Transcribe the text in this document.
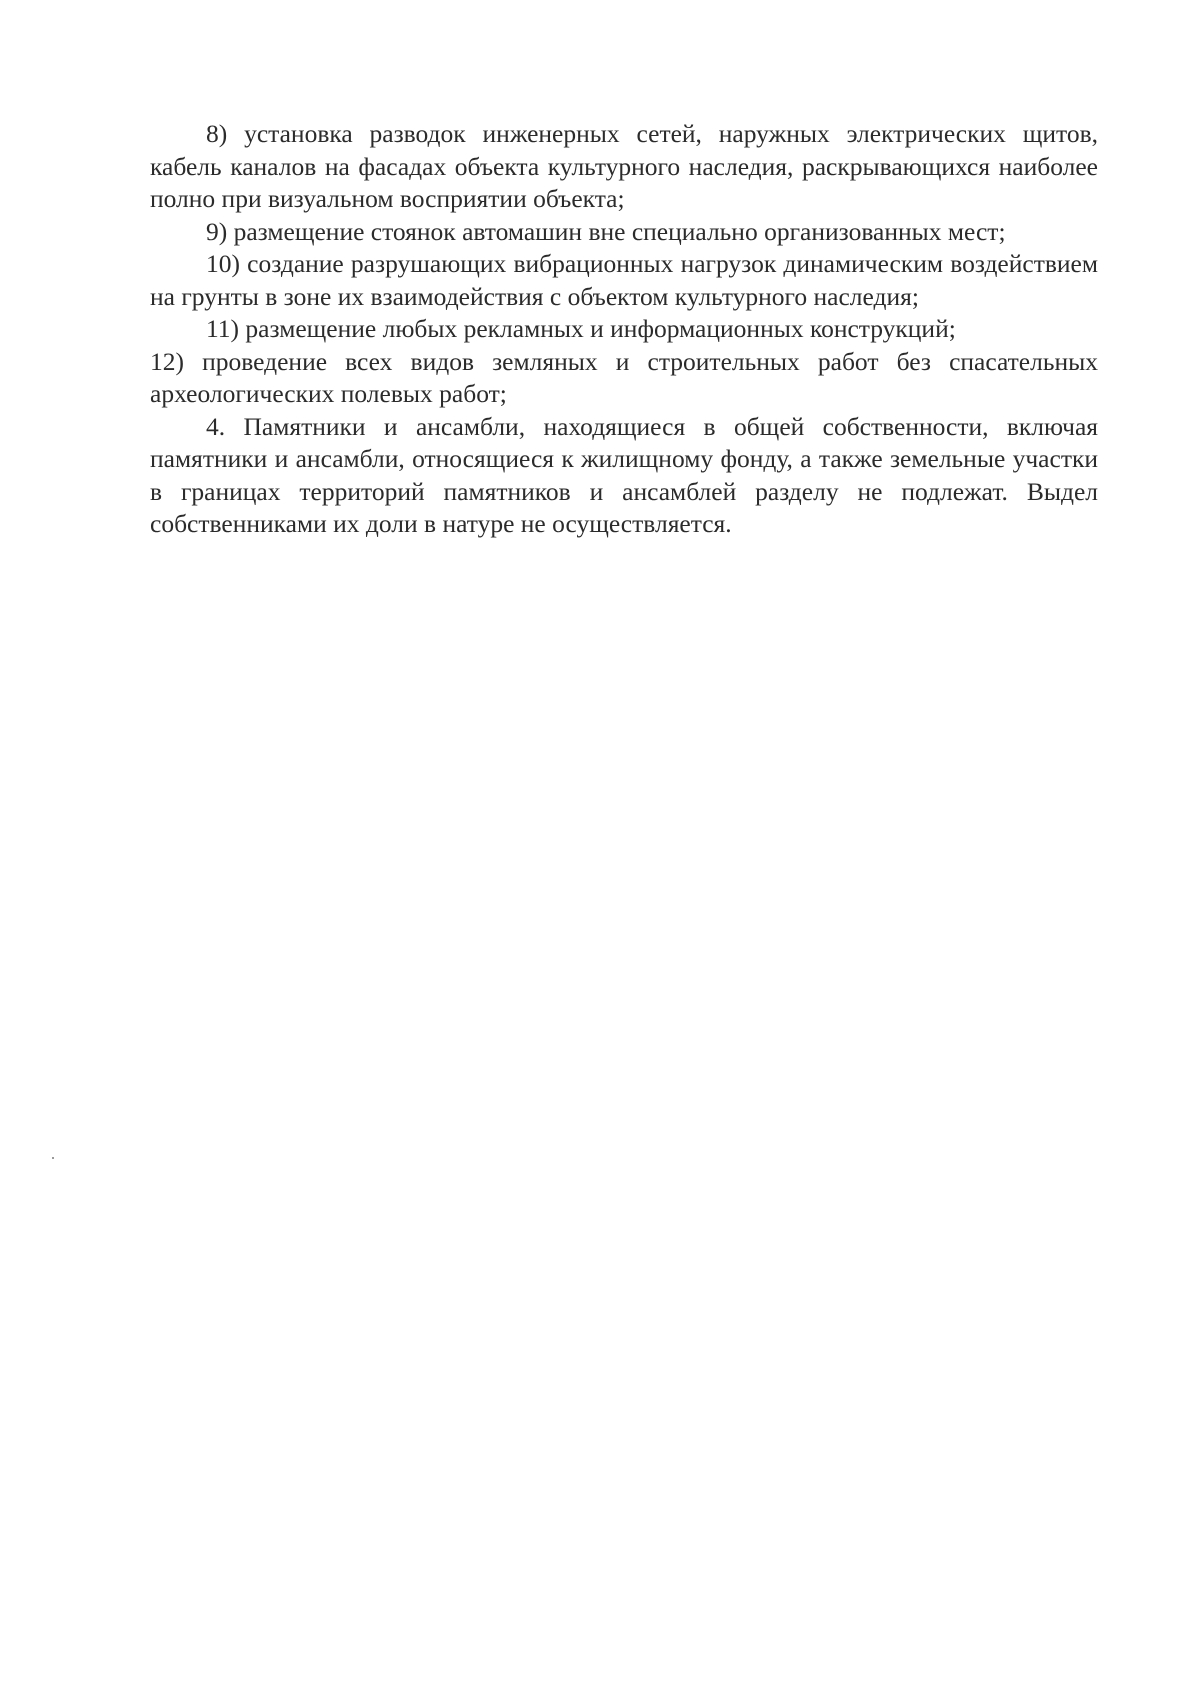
8) установка разводок инженерных сетей, наружных электрических щитов, кабель каналов на фасадах объекта культурного наследия, раскрывающихся наиболее полно при визуальном восприятии объекта;

9) размещение стоянок автомашин вне специально организованных мест;

10) создание разрушающих вибрационных нагрузок динамическим воздействием на грунты в зоне их взаимодействия с объектом культурного наследия;

11) размещение любых рекламных и информационных конструкций;

12) проведение всех видов земляных и строительных работ без спасательных археологических полевых работ;

4. Памятники и ансамбли, находящиеся в общей собственности, включая памятники и ансамбли, относящиеся к жилищному фонду, а также земельные участки в границах территорий памятников и ансамблей разделу не подлежат. Выдел собственниками их доли в натуре не осуществляется.
